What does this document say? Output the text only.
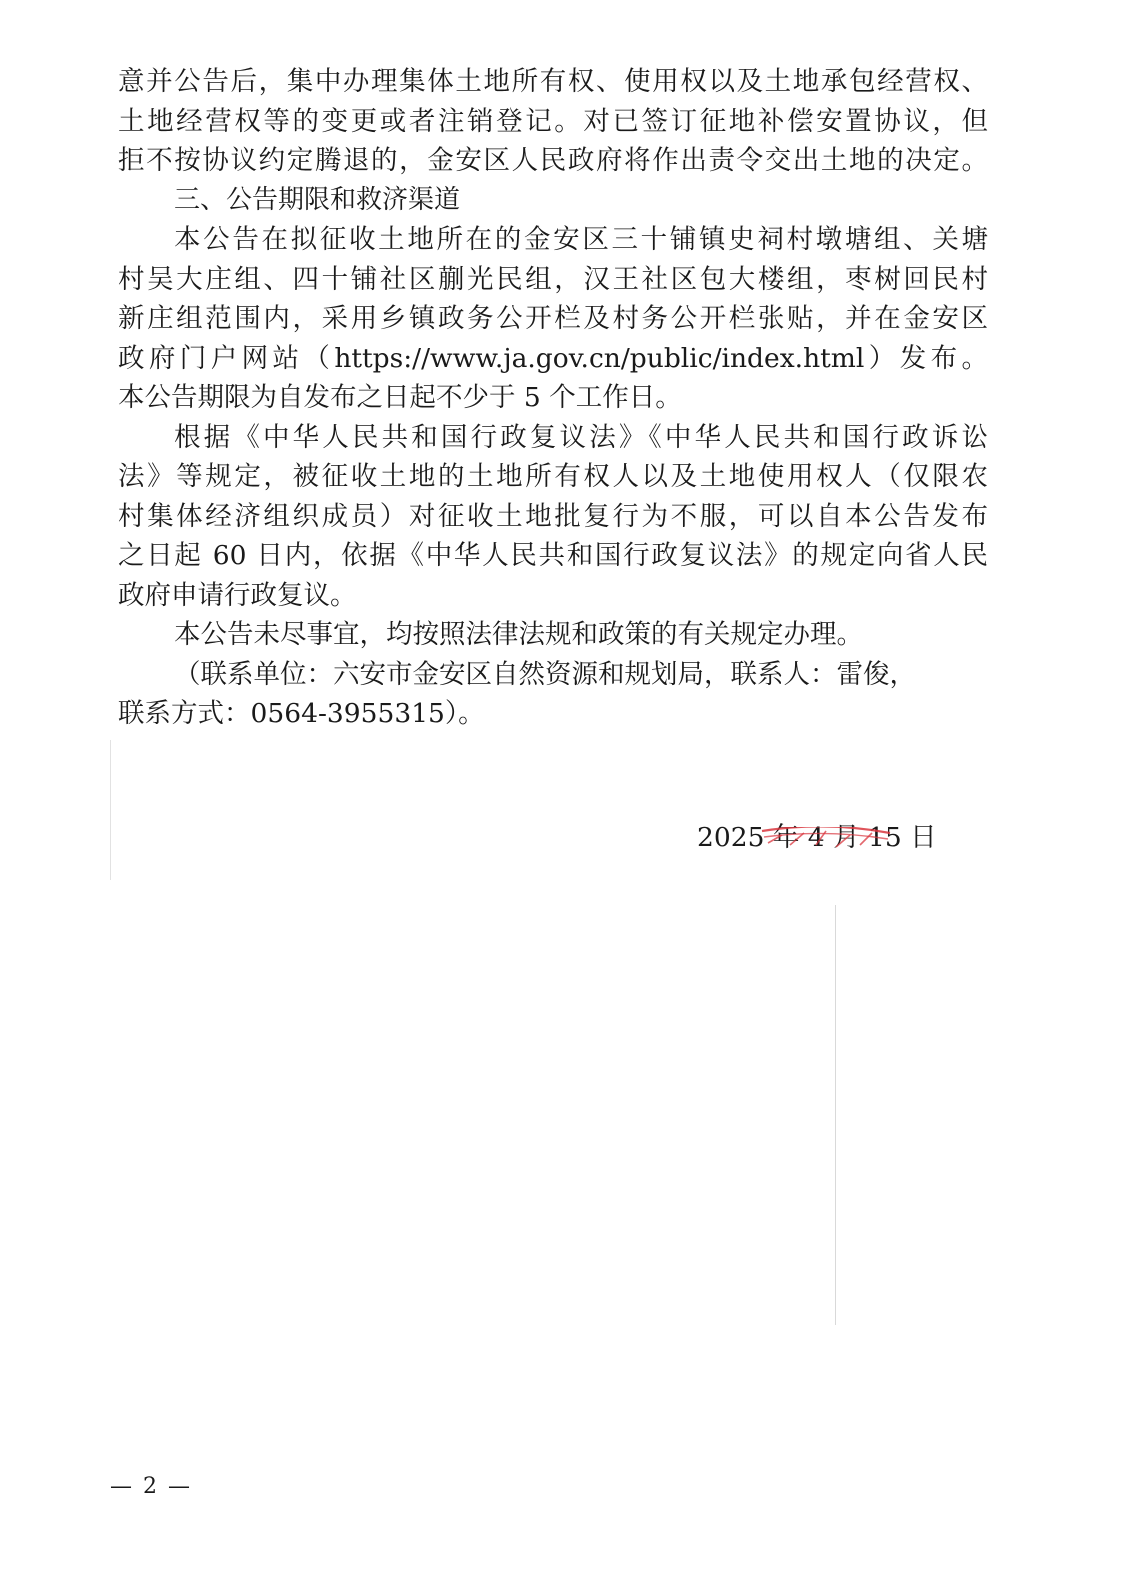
意并公告后，集中办理集体土地所有权、使用权以及土地承包经营权、
土地经营权等的变更或者注销登记。对已签订征地补偿安置协议，但
拒不按协议约定腾退的，金安区人民政府将作出责令交出土地的决定。
三、公告期限和救济渠道
本公告在拟征收土地所在的金安区三十铺镇史祠村墩塘组、关塘
村吴大庄组、四十铺社区蒯光民组，汉王社区包大楼组，枣树回民村
新庄组范围内，采用乡镇政务公开栏及村务公开栏张贴，并在金安区
政府门户网站（https://www.ja.gov.cn/public/index.html）发布。
本公告期限为自发布之日起不少于 5 个工作日。
根据《中华人民共和国行政复议法》《中华人民共和国行政诉讼
法》等规定，被征收土地的土地所有权人以及土地使用权人（仅限农
村集体经济组织成员）对征收土地批复行为不服，可以自本公告发布
之日起 60 日内，依据《中华人民共和国行政复议法》的规定向省人民
政府申请行政复议。
本公告未尽事宜，均按照法律法规和政策的有关规定办理。
（联系单位：六安市金安区自然资源和规划局，联系人：雷俊，
联系方式：0564-3955315）。
2025 年 4 月 15 日
— 2 —
